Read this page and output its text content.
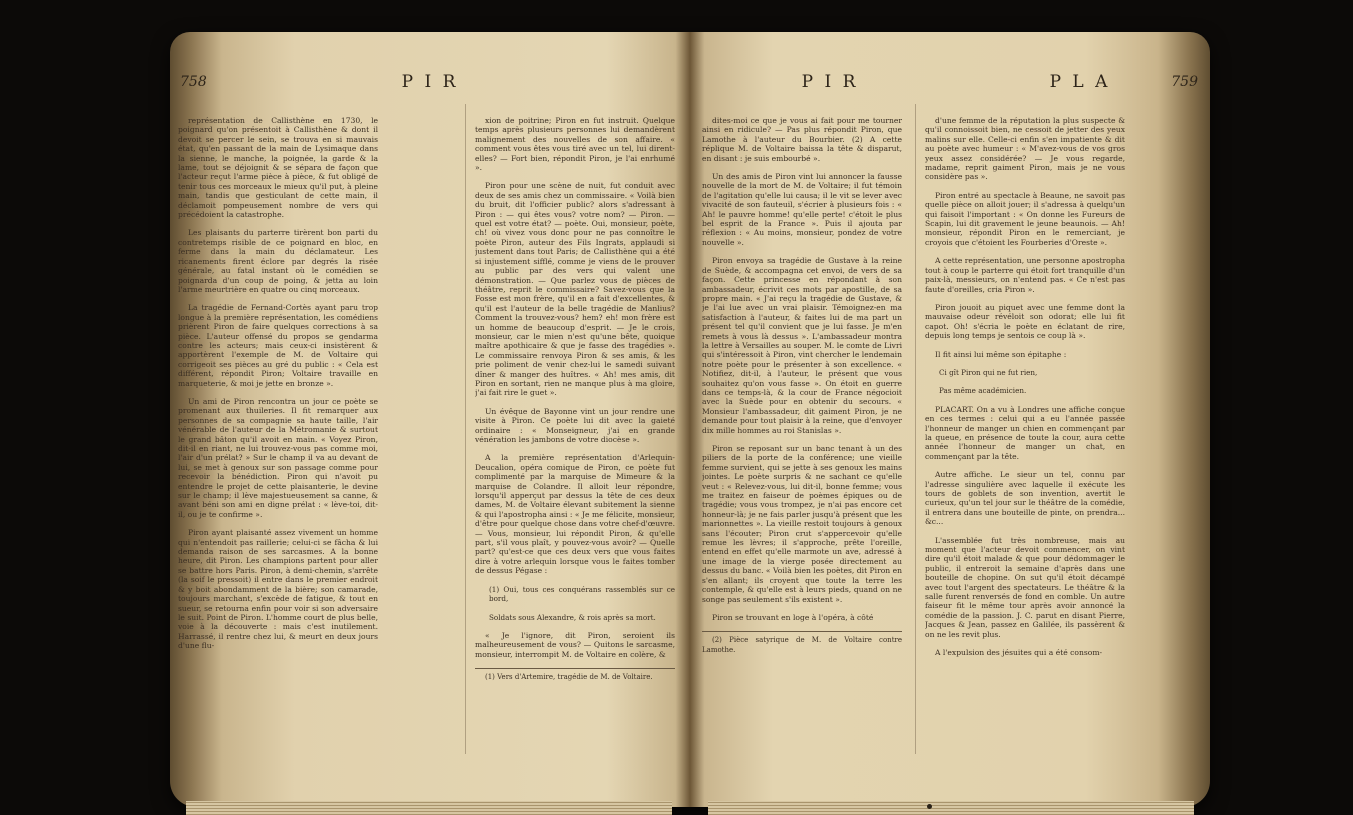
758	P I R

représentation de Callisthène en 1730, le poignard qu'on présentoit à Callisthène & dont il devoit se percer le sein, se trouva en si mauvais état, qu'en passant de la main de Lysimaque dans la sienne, le manche, la poignée, la garde & la lame, tout se déjoignit & se sépara de façon que l'acteur reçut l'arme pièce à pièce, & fut obligé de tenir tous ces morceaux le mieux qu'il put, à pleine main, tandis que gesticulant de cette main, il déclamoit pompeusement nombre de vers qui précédoient la catastrophe.

Les plaisants du parterre tirèrent bon parti du contretemps risible de ce poignard en bloc, en ferme dans la main du déclamateur. Les ricanements firent éclore par degrés la risée générale, au fatal instant où le comédien se poignarda d'un coup de poing, & jetta au loin l'arme meurtrière en quatre ou cinq morceaux.

La tragédie de Fernand-Cortès ayant paru trop longue à la première représentation, les comédiens prièrent Piron de faire quelques corrections à sa pièce. L'auteur offensé du propos se gendarma contre les acteurs; mais ceux-ci insistèrent & apportèrent l'exemple de M. de Voltaire qui corrigeoit ses pièces au gré du public : « Cela est différent, répondit Piron; Voltaire travaille en marqueterie, & moi je jette en bronze ».

Un ami de Piron rencontra un jour ce poète se promenant aux thuileries. Il fit remarquer aux personnes de sa compagnie sa haute taille, l'air vénérable de l'auteur de la Métromanie & surtout le grand bâton qu'il avoit en main. « Voyez Piron, dit-il en riant, ne lui trouvez-vous pas comme moi, l'air d'un prélat? » Sur le champ il va au devant de lui, se met à genoux sur son passage comme pour recevoir la bénédiction. Piron qui n'avoit pu entendre le projet de cette plaisanterie, le devine sur le champ; il lève majestueusement sa canne, & avant béni son ami en digne prélat : « lève-toi, dit-il, ou je te confirme ».

Piron ayant plaisanté assez vivement un homme qui n'entendoit pas raillerie; celui-ci se fâcha & lui demanda raison de ses sarcasmes. A la bonne heure, dit Piron. Les champions partent pour aller se battre hors Paris. Piron, à demi-chemin, s'arrête (la soif le pressoit) il entre dans le premier endroit & y boit abondamment de la bière; son camarade, toujours marchant, s'excède de fatigue, & tout en sueur, se retourna enfin pour voir si son adversaire le suit. Point de Piron. L'homme court de plus belle, voie à la découverte : mais c'est inutilement. Harrassé, il rentre chez lui, & meurt en deux jours d'une flu-

xion de poitrine; Piron en fut instruit. Quelque temps après plusieurs personnes lui demandèrent malignement des nouvelles de son affaire. « comment vous êtes vous tiré avec un tel, lui dirent-elles? — Fort bien, répondit Piron, je l'ai enrhumé ».

Piron pour une scène de nuit, fut conduit avec deux de ses amis chez un commissaire. « Voilà bien du bruit, dit l'officier public? alors s'adressant à Piron : — qui êtes vous? votre nom? — Piron. — quel est votre état? — poète. Oui, monsieur, poète, ch! où vivez vous donc pour ne pas connoître le poète Piron, auteur des Fils Ingrats, applaudi si justement dans tout Paris; de Callisthène qui a été si injustement sifflé, comme je viens de le prouver au public par des vers qui valent une démonstration. — Que parlez vous de pièces de théâtre, reprit le commissaire? Savez-vous que la Fosse est mon frère, qu'il en a fait d'excellentes, & qu'il est l'auteur de la belle tragédie de Manlius? Comment la trouvez-vous? hem? eh! mon frère est un homme de beaucoup d'esprit. — Je le crois, monsieur, car le mien n'est qu'une bête, quoique maître apothicaire & que je fasse des tragédies ». Le commissaire renvoya Piron & ses amis, & les prie poliment de venir chez-lui le samedi suivant dîner & manger des huîtres. « Ah! mes amis, dit Piron en sortant, rien ne manque plus à ma gloire, j'ai fait rire le guet ».

Un évêque de Bayonne vint un jour rendre une visite à Piron. Ce poète lui dit avec la gaieté ordinaire : « Monseigneur, j'ai en grande vénération les jambons de votre diocèse ».

A la première représentation d'Arlequin-Deucalion, opéra comique de Piron, ce poète fut complimenté par la marquise de Mimeure & la marquise de Colandre. Il alloit leur répondre, lorsqu'il apperçut par dessus la tête de ces deux dames, M. de Voltaire élevant subitement la sienne & qui l'apostropha ainsi : « Je me félicite, monsieur, d'être pour quelque chose dans votre chef-d'œuvre. — Vous, monsieur, lui répondit Piron, & qu'elle part, s'il vous plaît, y pouvez-vous avoir? — Quelle part? qu'est-ce que ces deux vers que vous faites dire à votre arlequin lorsque vous le faites tomber de dessus Pégase :

(1) Oui, tous ces conquérans rassemblés sur ce bord,

Soldats sous Alexandre, & rois après sa mort.

« Je l'ignore, dit Piron, seroient ils malheureusement de vous? — Quitons le sarcasme, monsieur, interrompit M. de Voltaire en colère, &

(1) Vers d'Artemire, tragédie de M. de Voltaire.

P I R	P L A	759

dites-moi ce que je vous ai fait pour me tourner ainsi en ridicule? — Pas plus répondit Piron, que Lamothe à l'auteur du Bourbier. (2) A cette réplique M. de Voltaire baissa la tête & disparut, en disant : je suis embourbé ».

Un des amis de Piron vint lui annoncer la fausse nouvelle de la mort de M. de Voltaire; il fut témoin de l'agitation qu'elle lui causa; il le vit se lever avec vivacité de son fauteuil, s'écrier à plusieurs fois : « Ah! le pauvre homme! qu'elle perte! c'étoit le plus bel esprit de la France ». Puis il ajouta par réflexion : « Au moins, monsieur, pondez de votre nouvelle ».

Piron envoya sa tragédie de Gustave à la reine de Suède, & accompagna cet envoi, de vers de sa façon. Cette princesse en répondant à son ambassadeur, écrivit ces mots par apostille, de sa propre main. « J'ai reçu la tragédie de Gustave, & je l'ai lue avec un vrai plaisir. Témoignez-en ma satisfaction à l'auteur, & faites lui de ma part un présent tel qu'il convient que je lui fasse. Je m'en remets à vous là dessus ». L'ambassadeur montra la lettre à Versailles au souper. M. le comte de Livri qui s'intéressoit à Piron, vint chercher le lendemain notre poète pour le présenter à son excellence. « Notifiez, dit-il, à l'auteur, le présent que vous souhaitez qu'on vous fasse ». On étoit en guerre dans ce temps-là, & la cour de France négocioit avec la Suède pour en obtenir du secours. « Monsieur l'ambassadeur, dit gaiment Piron, je ne demande pour tout plaisir à la reine, que d'envoyer dix mille hommes au roi Stanislas ».

Piron se reposant sur un banc tenant à un des piliers de la porte de la conférence; une vieille femme survient, qui se jette à ses genoux les mains jointes. Le poète surpris & ne sachant ce qu'elle veut : « Relevez-vous, lui dit-il, bonne femme; vous me traitez en faiseur de poèmes épiques ou de tragédie; vous vous trompez, je n'ai pas encore cet honneur-là; je ne fais parler jusqu'à présent que les marionnettes ». La vieille restoit toujours à genoux sans l'écouter; Piron crut s'appercevoir qu'elle remue les lèvres; il s'approche, prête l'oreille, entend en effet qu'elle marmote un ave, adressé à une image de la vierge posée directement au dessus du banc. « Voilà bien les poètes, dit Piron en s'en allant; ils croyent que toute la terre les contemple, & qu'elle est à leurs pieds, quand on ne songe pas seulement s'ils existent ».

Piron se trouvant en loge à l'opéra, à côté

(2) Pièce satyrique de M. de Voltaire contre Lamothe.

d'une femme de la réputation la plus suspecte & qu'il connoissoit bien, ne cessoit de jetter des yeux malins sur elle. Celle-ci enfin s'en impatiente & dit au poète avec humeur : « M'avez-vous de vos gros yeux assez considérée? — Je vous regarde, madame, reprit gaiment Piron, mais je ne vous considère pas ».

Piron entré au spectacle à Beaune, ne savoit pas quelle pièce on alloit jouer; il s'adressa à quelqu'un qui faisoit l'important : « On donne les Fureurs de Scapin, lui dit gravement le jeune beaunois. — Ah! monsieur, répondit Piron en le remerciant, je croyois que c'étoient les Fourberies d'Oreste ».

A cette représentation, une personne apostropha tout à coup le parterre qui étoit fort tranquille d'un paix-là, messieurs, on n'entend pas. « Ce n'est pas faute d'oreilles, cria Piron ».

Piron jouoit au piquet avec une femme dont la mauvaise odeur révéloit son odorat; elle lui fit capot. Oh! s'écria le poète en éclatant de rire, depuis long temps je sentois ce coup là ».

Il fit ainsi lui même son épitaphe :

Ci gît Piron qui ne fut rien,

Pas même académicien.

PLACART. On a vu à Londres une affiche conçue en ces termes : celui qui a eu l'année passée l'honneur de manger un chien en commençant par la queue, en présence de toute la cour, aura cette année l'honneur de manger un chat, en commençant par la tête.

Autre affiche. Le sieur un tel, connu par l'adresse singulière avec laquelle il exécute les tours de goblets de son invention, avertit le curieux, qu'un tel jour sur le théâtre de la comédie, il entrera dans une bouteille de pinte, on prendra... &c...

L'assemblée fut très nombreuse, mais au moment que l'acteur devoit commencer, on vint dire qu'il étoit malade & que pour dédommager le public, il entreroit la semaine d'après dans une bouteille de chopine. On sut qu'il étoit décampé avec tout l'argent des spectateurs. Le théâtre & la salle furent renversés de fond en comble. Un autre faiseur fit le même tour après avoir annoncé la comédie de la passion. J. C. parut en disant Pierre, Jacques & Jean, passez en Galilée, ils passèrent & on ne les revit plus.

A l'expulsion des jésuites qui a été consom-
